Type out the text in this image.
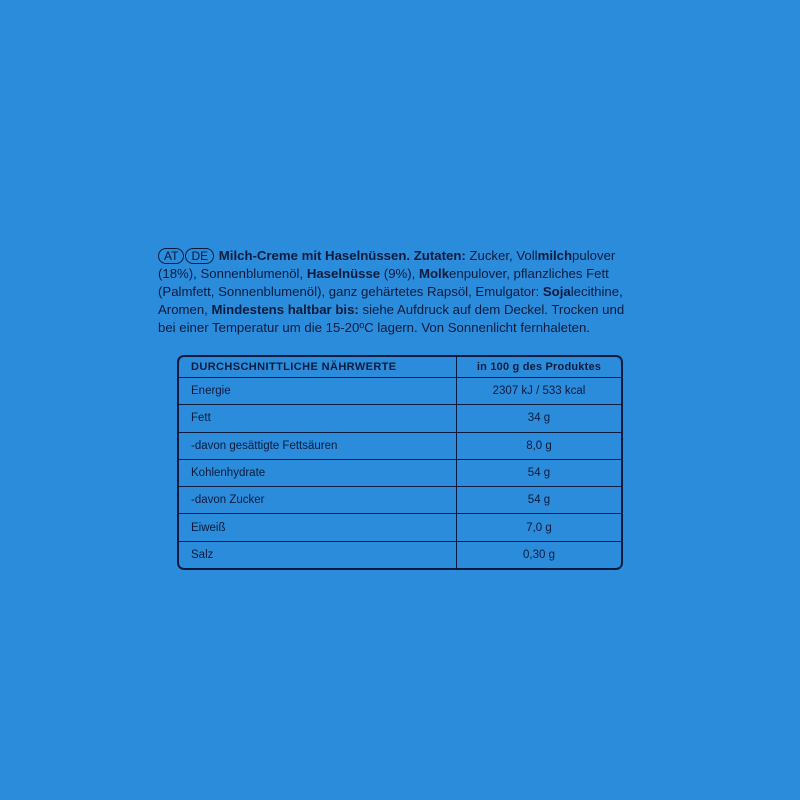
AT DE Milch-Creme mit Haselnüssen. Zutaten: Zucker, Vollmilchpulover (18%), Sonnenblumenöl, Haselnüsse (9%), Molkenpulover, pflanzliches Fett (Palmfett, Sonnenblumenöl), ganz gehärtetes Rapsöl, Emulgator: Sojalecithine, Aromen, Mindestens haltbar bis: siehe Aufdruck auf dem Deckel. Trocken und bei einer Temperatur um die 15-20ºC lagern. Von Sonnenlicht fernhaleten.
DURCHSCHNITTLICHE NÄHRWERTE	in 100 g des Produktes
Energie	2307 kJ / 533 kcal
Fett	34 g
-davon gesättigte Fettsäuren	8,0 g
Kohlenhydrate	54 g
-davon Zucker	54 g
Eiweiß	7,0 g
Salz	0,30 g
